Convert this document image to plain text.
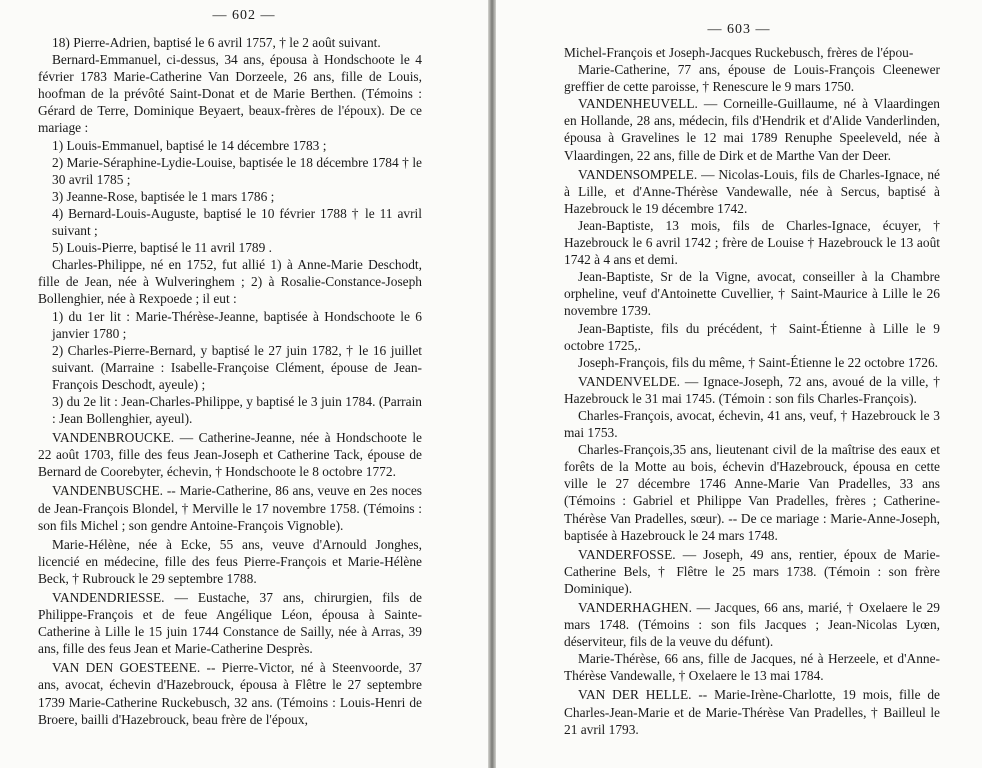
— 602 —

18) Pierre-Adrien, baptisé le 6 avril 1757, † le 2 août suivant.

Bernard-Emmanuel, ci-dessus, 34 ans, épousa à Hondschoote le 4 février 1783 Marie-Catherine Van Dorzeele, 26 ans, fille de Louis, hoofman de la prévôté Saint-Donat et de Marie Berthen. (Témoins : Gérard de Terre, Dominique Beyaert, beaux-frères de l'époux). De ce mariage :

1) Louis-Emmanuel, baptisé le 14 décembre 1783 ;

2) Marie-Séraphine-Lydie-Louise, baptisée le 18 décembre 1784 † le 30 avril 1785 ;

3) Jeanne-Rose, baptisée le 1 mars 1786 ;

4) Bernard-Louis-Auguste, baptisé le 10 février 1788 † le 11 avril suivant ;

5) Louis-Pierre, baptisé le 11 avril 1789 .

Charles-Philippe, né en 1752, fut allié 1) à Anne-Marie Deschodt, fille de Jean, née à Wulveringhem ; 2) à Rosalie-Constance-Joseph Bollenghier, née à Rexpoede ; il eut :

1) du 1er lit : Marie-Thérèse-Jeanne, baptisée à Hondschoote le 6 janvier 1780 ;

2) Charles-Pierre-Bernard, y baptisé le 27 juin 1782, † le 16 juillet suivant. (Marraine : Isabelle-Françoise Clément, épouse de Jean-François Deschodt, ayeule) ;

3) du 2e lit : Jean-Charles-Philippe, y baptisé le 3 juin 1784. (Parrain : Jean Bollenghier, ayeul).

VANDENBROUCKE. — Catherine-Jeanne, née à Hondschoote le 22 août 1703, fille des feus Jean-Joseph et Catherine Tack, épouse de Bernard de Coorebyter, échevin, † Hondschoote le 8 octobre 1772.

VANDENBUSCHE. -- Marie-Catherine, 86 ans, veuve en 2es noces de Jean-François Blondel, † Merville le 17 novembre 1758. (Témoins : son fils Michel ; son gendre Antoine-François Vignoble).

Marie-Hélène, née à Ecke, 55 ans, veuve d'Arnould Jonghes, licencié en médecine, fille des feus Pierre-François et Marie-Hélène Beck, † Rubrouck le 29 septembre 1788.

VANDENDRIESSE. — Eustache, 37 ans, chirurgien, fils de Philippe-François et de feue Angélique Léon, épousa à Sainte-Catherine à Lille le 15 juin 1744 Constance de Sailly, née à Arras, 39 ans, fille des feus Jean et Marie-Catherine Desprès.

VAN DEN GOESTEENE. -- Pierre-Victor, né à Steenvoorde, 37 ans, avocat, échevin d'Hazebrouck, épousa à Flêtre le 27 septembre 1739 Marie-Catherine Ruckebusch, 32 ans. (Témoins : Louis-Henri de Broere, bailli d'Hazebrouck, beau frère de l'époux,

Michel-François et Joseph-Jacques Ruckebusch, frères de l'épou-

Marie-Catherine, 77 ans, épouse de Louis-François Cleenewer greffier de cette paroisse, † Renescure le 9 mars 1750.

VANDENHEUVELL. — Corneille-Guillaume, né à Vlaardingen en Hollande, 28 ans, médecin, fils d'Hendrik et d'Alide Vanderlinden, épousa à Gravelines le 12 mai 1789 Renuphe Speeleveld, née à Vlaardingen, 22 ans, fille de Dirk et de Marthe Van der Deer.

VANDENSOMPELE. — Nicolas-Louis, fils de Charles-Ignace, né à Lille, et d'Anne-Thérèse Vandewalle, née à Sercus, baptisé à Hazebrouck le 19 décembre 1742.

Jean-Baptiste, 13 mois, fils de Charles-Ignace, écuyer, † Hazebrouck le 6 avril 1742 ; frère de Louise † Hazebrouck le 13 août 1742 à 4 ans et demi.

Jean-Baptiste, Sr de la Vigne, avocat, conseiller à la Chambre orpheline, veuf d'Antoinette Cuvellier, † Saint-Maurice à Lille le 26 novembre 1739.

Jean-Baptiste, fils du précédent, † Saint-Étienne à Lille le 9 octobre 1725,.

Joseph-François, fils du même, † Saint-Étienne le 22 octobre 1726.

VANDENVELDE. — Ignace-Joseph, 72 ans, avoué de la ville, † Hazebrouck le 31 mai 1745. (Témoin : son fils Charles-François).

Charles-François, avocat, échevin, 41 ans, veuf, † Hazebrouck le 3 mai 1753.

Charles-François,35 ans, lieutenant civil de la maîtrise des eaux et forêts de la Motte au bois, échevin d'Hazebrouck, épousa en cette ville le 27 décembre 1746 Anne-Marie Van Pradelles, 33 ans (Témoins : Gabriel et Philippe Van Pradelles, frères ; Catherine-Thérèse Van Pradelles, sœur). -- De ce mariage : Marie-Anne-Joseph, baptisée à Hazebrouck le 24 mars 1748.

VANDERFOSSE. — Joseph, 49 ans, rentier, époux de Marie-Catherine Bels, † Flêtre le 25 mars 1738. (Témoin : son frère Dominique).

VANDERHAGHEN. — Jacques, 66 ans, marié, † Oxelaere le 29 mars 1748. (Témoins : son fils Jacques ; Jean-Nicolas Lyœn, déserviteur, fils de la veuve du défunt).

Marie-Thérèse, 66 ans, fille de Jacques, né à Herzeele, et d'Anne-Thérèse Vandewalle, † Oxelaere le 13 mai 1784.

VAN DER HELLE. -- Marie-Irène-Charlotte, 19 mois, fille de Charles-Jean-Marie et de Marie-Thérèse Van Pradelles, † Bailleul le 21 avril 1793.

— 603 —
